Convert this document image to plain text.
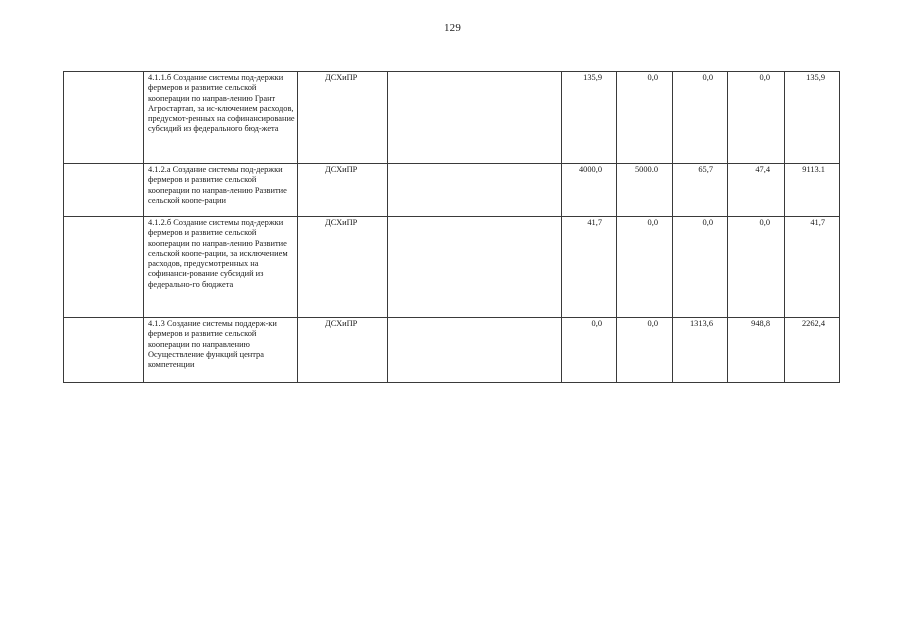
129
	4.1.1.б Создание системы под-держки фермеров и развитие сельской кооперации по направ-лению Грант Агростартап, за ис-ключением расходов, предусмот-ренных на софинансирование субсидий из федерального бюд-жета	ДСХиПР		135,9	0,0	0,0	0,0	135,9
	4.1.2.а Создание системы под-держки фермеров и развитие сельской кооперации по направ-лению Развитие сельской коопе-рации	ДСХиПР		4000,0	5000.0	65,7	47,4	9113.1
	4.1.2.б Создание системы под-держки фермеров и развитие сельской кооперации по направ-лению Развитие сельской коопе-рации, за исключением расходов, предусмотренных на софинанси-рование субсидий из федерально-го бюджета	ДСХиПР		41,7	0,0	0,0	0,0	41,7
	4.1.3 Создание системы поддерж-ки фермеров и развитие сельской кооперации по направлению Осуществление функций центра компетенции	ДСХиПР		0,0	0,0	1313,6	948,8	2262,4
